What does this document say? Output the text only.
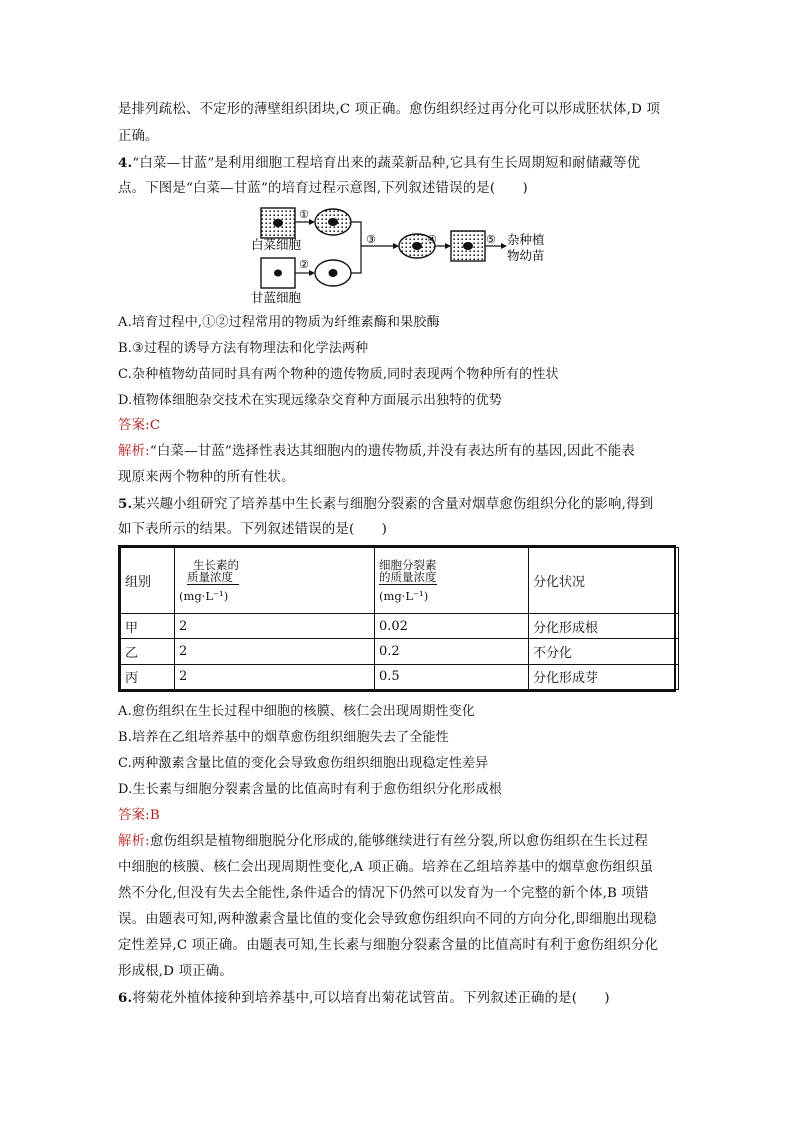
是排列疏松、不定形的薄壁组织团块,C 项正确。愈伤组织经过再分化可以形成胚状体,D 项
正确。
4.“白菜—甘蓝”是利用细胞工程培育出来的蔬菜新品种,它具有生长周期短和耐储藏等优
点。下图是“白菜—甘蓝”的培育过程示意图,下列叙述错误的是(　　)
A.培育过程中,①②过程常用的物质为纤维素酶和果胶酶
B.③过程的诱导方法有物理法和化学法两种
C.杂种植物幼苗同时具有两个物种的遗传物质,同时表现两个物种所有的性状
D.植物体细胞杂交技术在实现远缘杂交育种方面展示出独特的优势
答案:C
解析:“白菜—甘蓝”选择性表达其细胞内的遗传物质,并没有表达所有的基因,因此不能表
现原来两个物种的所有性状。
5.某兴趣小组研究了培养基中生长素与细胞分裂素的含量对烟草愈伤组织分化的影响,得到
如下表所示的结果。下列叙述错误的是(　　)
A.愈伤组织在生长过程中细胞的核膜、核仁会出现周期性变化
B.培养在乙组培养基中的烟草愈伤组织细胞失去了全能性
C.两种激素含量比值的变化会导致愈伤组织细胞出现稳定性差异
D.生长素与细胞分裂素含量的比值高时有利于愈伤组织分化形成根
答案:B
解析:愈伤组织是植物细胞脱分化形成的,能够继续进行有丝分裂,所以愈伤组织在生长过程
中细胞的核膜、核仁会出现周期性变化,A 项正确。培养在乙组培养基中的烟草愈伤组织虽
然不分化,但没有失去全能性,条件适合的情况下仍然可以发育为一个完整的新个体,B 项错
误。由题表可知,两种激素含量比值的变化会导致愈伤组织向不同的方向分化,即细胞出现稳
定性差异,C 项正确。由题表可知,生长素与细胞分裂素含量的比值高时有利于愈伤组织分化
形成根,D 项正确。
6.将菊花外植体接种到培养基中,可以培育出菊花试管苗。下列叙述正确的是(　　)
①
白菜细胞
②
甘蓝细胞
③	④	⑤ 杂种植
物幼苗
组别	生长素的
质量浓度
(mg·L⁻¹)	细胞分裂素
的质量浓度
(mg·L⁻¹)	分化状况
甲	2	0.02	分化形成根
乙	2	0.2	不分化
丙	2	0.5	分化形成芽
